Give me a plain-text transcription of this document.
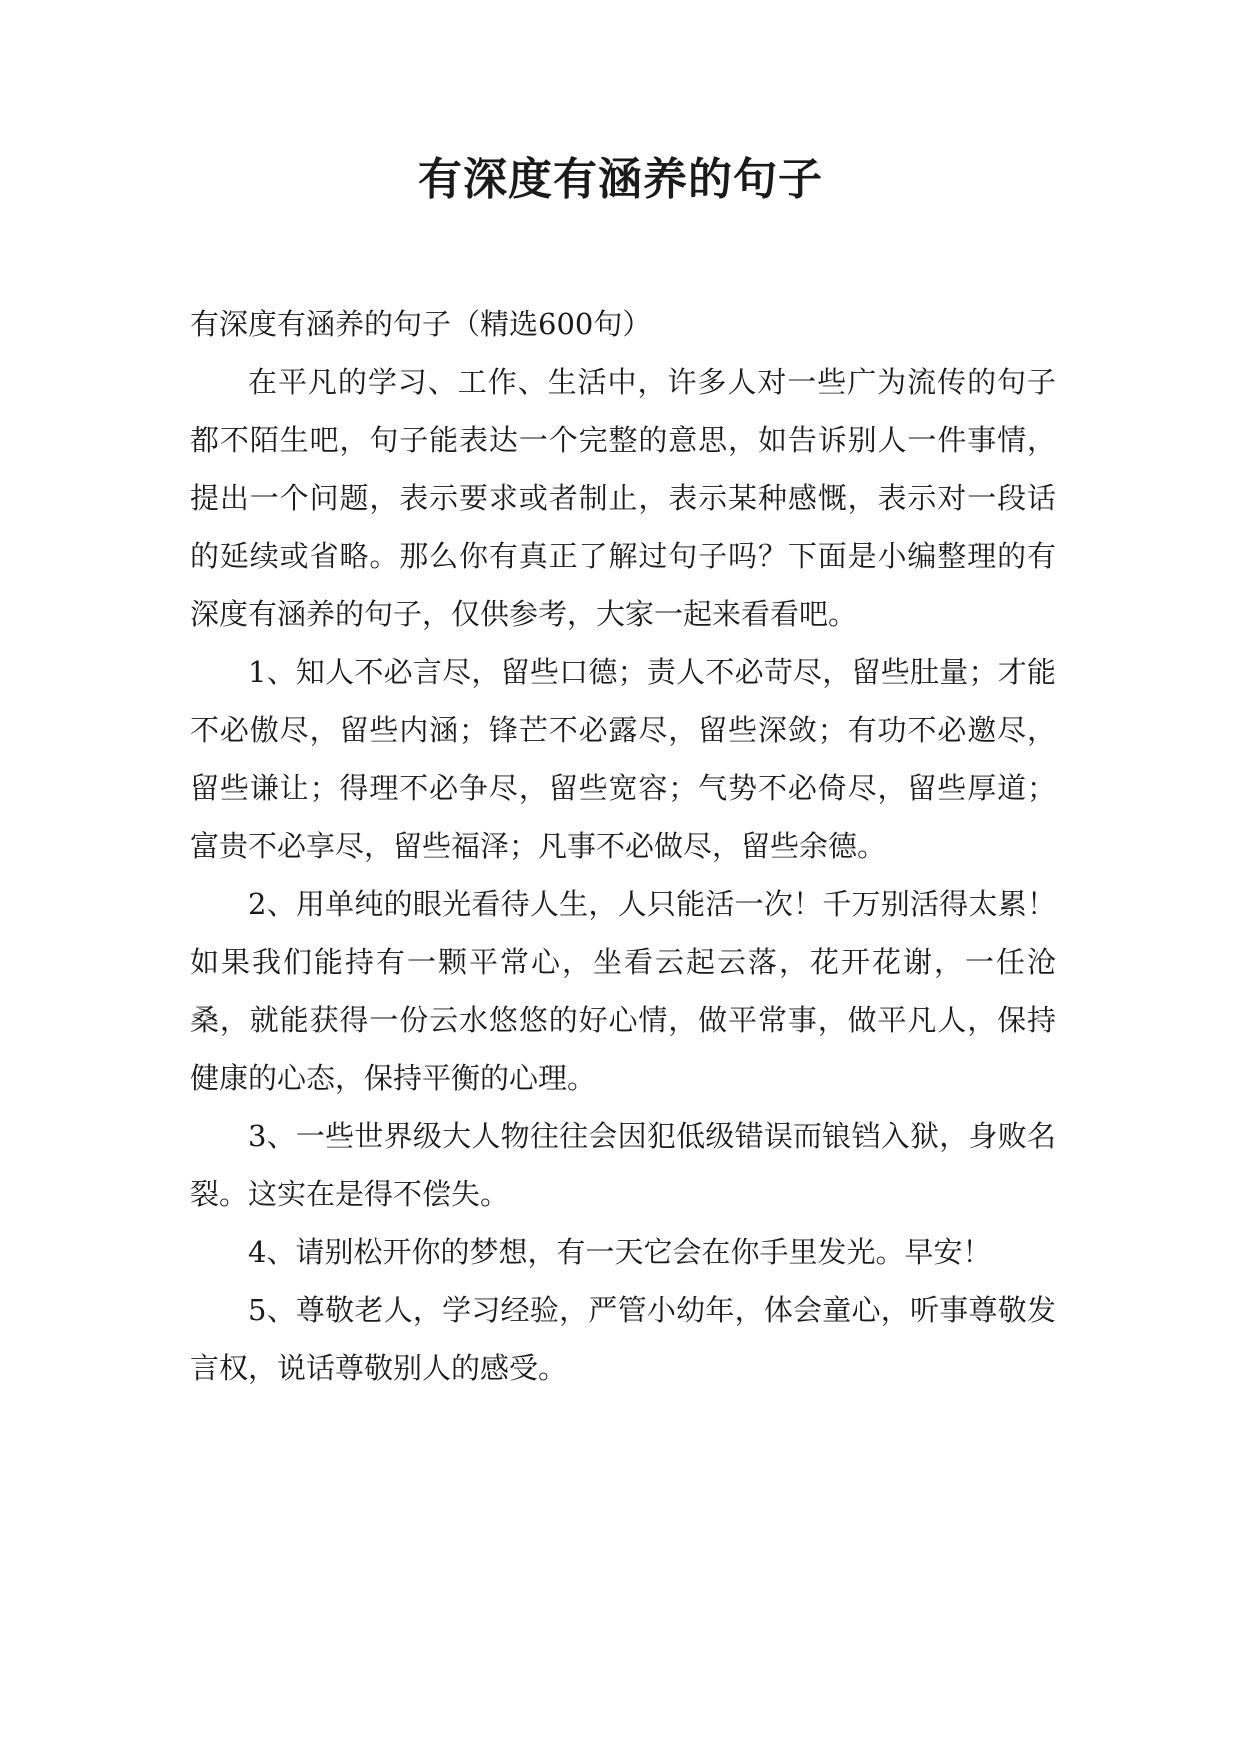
有深度有涵养的句子

有深度有涵养的句子（精选600句）

在平凡的学习、工作、生活中，许多人对一些广为流传的句子都不陌生吧，句子能表达一个完整的意思，如告诉别人一件事情，提出一个问题，表示要求或者制止，表示某种感慨，表示对一段话的延续或省略。那么你有真正了解过句子吗？下面是小编整理的有深度有涵养的句子，仅供参考，大家一起来看看吧。

1、知人不必言尽，留些口德；责人不必苛尽，留些肚量；才能不必傲尽，留些内涵；锋芒不必露尽，留些深敛；有功不必邀尽，留些谦让；得理不必争尽，留些宽容；气势不必倚尽，留些厚道；富贵不必享尽，留些福泽；凡事不必做尽，留些余德。

2、用单纯的眼光看待人生，人只能活一次！千万别活得太累！如果我们能持有一颗平常心，坐看云起云落，花开花谢，一任沧桑，就能获得一份云水悠悠的好心情，做平常事，做平凡人，保持健康的心态，保持平衡的心理。

3、一些世界级大人物往往会因犯低级错误而锒铛入狱，身败名裂。这实在是得不偿失。

4、请别松开你的梦想，有一天它会在你手里发光。早安！

5、尊敬老人，学习经验，严管小幼年，体会童心，听事尊敬发言权，说话尊敬别人的感受。
